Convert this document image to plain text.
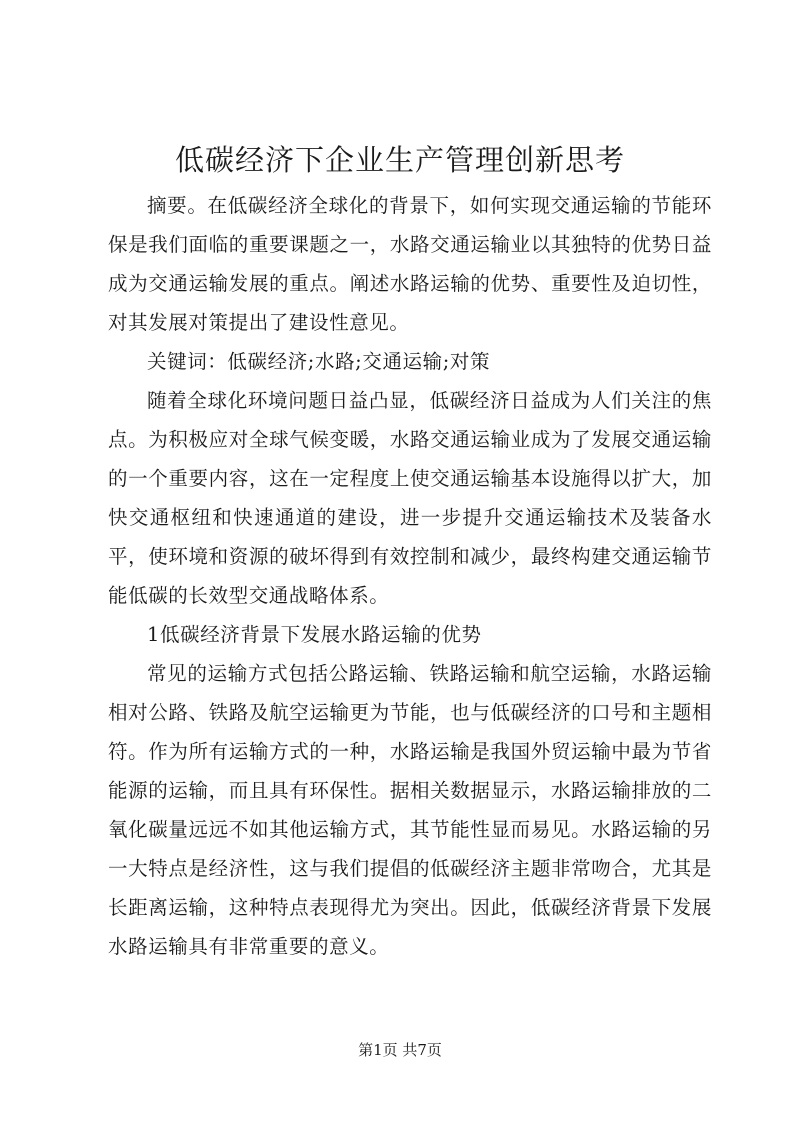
低碳经济下企业生产管理创新思考

摘要。在低碳经济全球化的背景下，如何实现交通运输的节能环保是我们面临的重要课题之一，水路交通运输业以其独特的优势日益成为交通运输发展的重点。阐述水路运输的优势、重要性及迫切性，对其发展对策提出了建设性意见。

关键词：低碳经济;水路;交通运输;对策

随着全球化环境问题日益凸显，低碳经济日益成为人们关注的焦点。为积极应对全球气候变暖，水路交通运输业成为了发展交通运输的一个重要内容，这在一定程度上使交通运输基本设施得以扩大，加快交通枢纽和快速通道的建设，进一步提升交通运输技术及装备水平，使环境和资源的破坏得到有效控制和减少，最终构建交通运输节能低碳的长效型交通战略体系。

1低碳经济背景下发展水路运输的优势

常见的运输方式包括公路运输、铁路运输和航空运输，水路运输相对公路、铁路及航空运输更为节能，也与低碳经济的口号和主题相符。作为所有运输方式的一种，水路运输是我国外贸运输中最为节省能源的运输，而且具有环保性。据相关数据显示，水路运输排放的二氧化碳量远远不如其他运输方式，其节能性显而易见。水路运输的另一大特点是经济性，这与我们提倡的低碳经济主题非常吻合，尤其是长距离运输，这种特点表现得尤为突出。因此，低碳经济背景下发展水路运输具有非常重要的意义。

第1页 共7页
